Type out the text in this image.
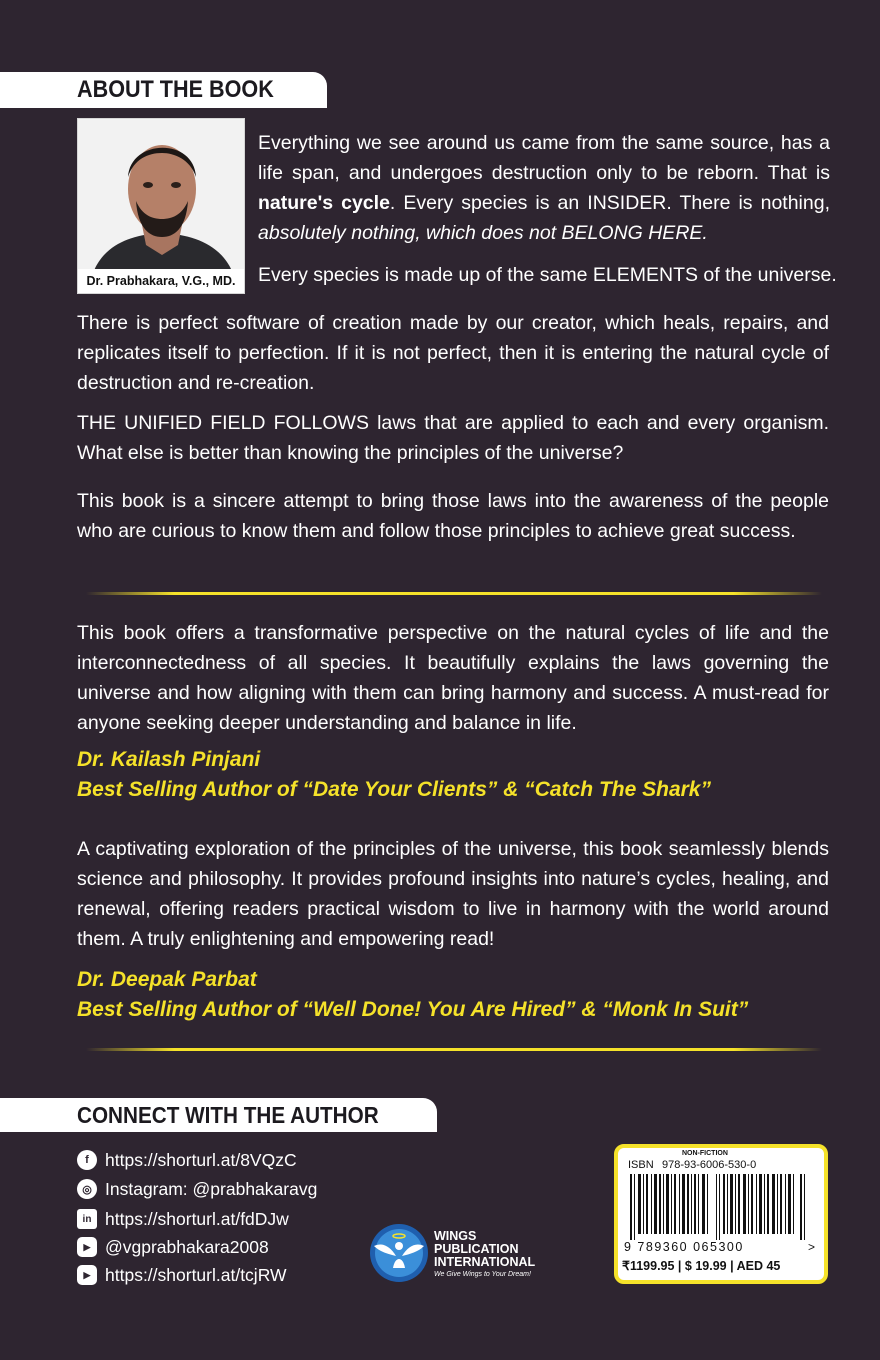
ABOUT THE BOOK
Dr. Prabhakara, V.G., MD.
Everything we see around us came from the same source, has a life span, and undergoes destruction only to be reborn. That is nature's cycle. Every species is an INSIDER. There is nothing, absolutely nothing, which does not BELONG HERE.
Every species is made up of the same ELEMENTS of the universe.
There is perfect software of creation made by our creator, which heals, repairs, and replicates itself to perfection. If it is not perfect, then it is entering the natural cycle of destruction and re-creation.
THE UNIFIED FIELD FOLLOWS laws that are applied to each and every organism. What else is better than knowing the principles of the universe?
This book is a sincere attempt to bring those laws into the awareness of the people who are curious to know them and follow those principles to achieve great success.
This book offers a transformative perspective on the natural cycles of life and the interconnectedness of all species. It beautifully explains the laws governing the universe and how aligning with them can bring harmony and success. A must-read for anyone seeking deeper understanding and balance in life.
Dr. Kailash Pinjani
Best Selling Author of “Date Your Clients” & “Catch The Shark”
A captivating exploration of the principles of the universe, this book seamlessly blends science and philosophy. It provides profound insights into nature’s cycles, healing, and renewal, offering readers practical wisdom to live in harmony with the world around them. A truly enlightening and empowering read!
Dr. Deepak Parbat
Best Selling Author of “Well Done! You Are Hired” & “Monk In Suit”
CONNECT WITH THE AUTHOR
f https://shorturl.at/8VQzC
◎ Instagram: @prabhakaravg
in https://shorturl.at/fdDJw
▶ @vgprabhakara2008
▶ https://shorturl.at/tcjRW
WINGS
PUBLICATION
INTERNATIONAL
We Give Wings to Your Dream!
NON-FICTION
ISBN 978-93-6006-530-0
9 789360 065300	>
₹1199.95 | $ 19.99 | AED 45
